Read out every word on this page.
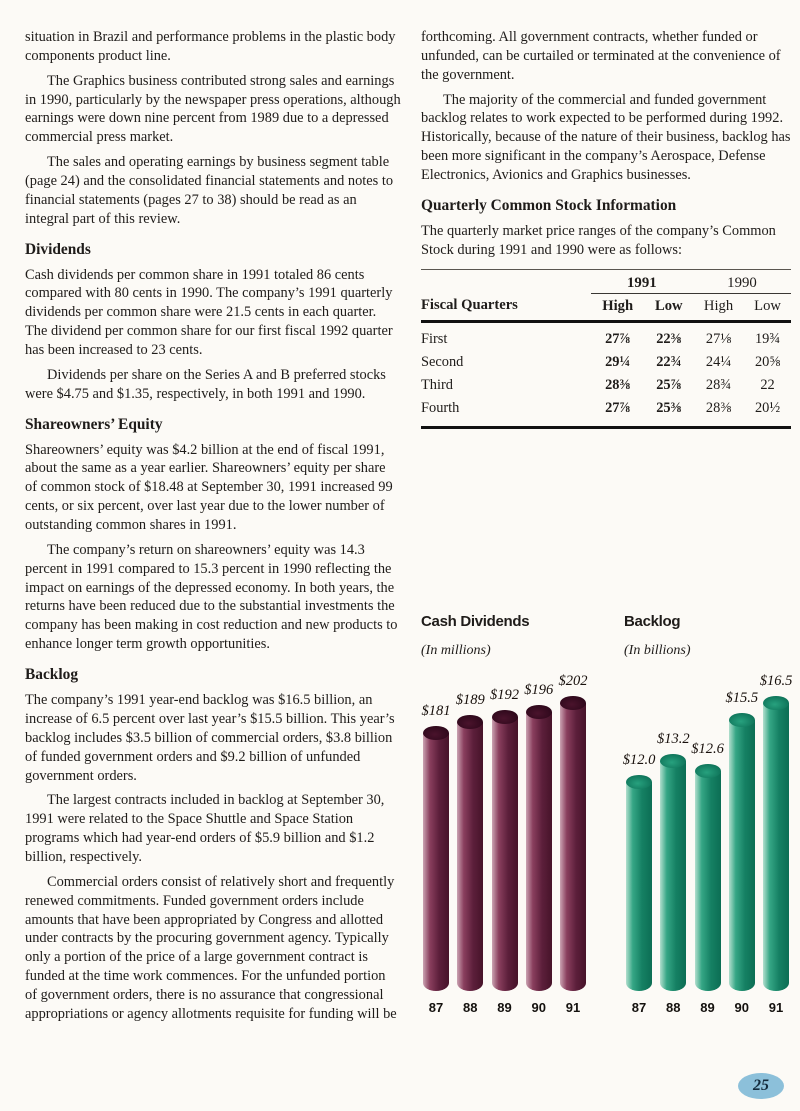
situation in Brazil and performance problems in the plastic body components product line.

The Graphics business contributed strong sales and earnings in 1990, particularly by the newspaper press operations, although earnings were down nine percent from 1989 due to a depressed commercial press market.

The sales and operating earnings by business segment table (page 24) and the consolidated financial statements and notes to financial statements (pages 27 to 38) should be read as an integral part of this review.

Dividends

Cash dividends per common share in 1991 totaled 86 cents compared with 80 cents in 1990. The company’s 1991 quarterly dividends per common share were 21.5 cents in each quarter. The dividend per common share for our first fiscal 1992 quarter has been increased to 23 cents.

Dividends per share on the Series A and B preferred stocks were $4.75 and $1.35, respectively, in both 1991 and 1990.

Shareowners’ Equity

Shareowners’ equity was $4.2 billion at the end of fiscal 1991, about the same as a year earlier. Shareowners’ equity per share of common stock of $18.48 at September 30, 1991 increased 99 cents, or six percent, over last year due to the lower number of outstanding common shares in 1991.

The company’s return on shareowners’ equity was 14.3 percent in 1991 compared to 15.3 percent in 1990 reflecting the impact on earnings of the depressed economy. In both years, the returns have been reduced due to the substantial investments the company has been making in cost reduction and new products to enhance longer term growth opportunities.

Backlog

The company’s 1991 year-end backlog was $16.5 billion, an increase of 6.5 percent over last year’s $15.5 billion. This year’s backlog includes $3.5 billion of commercial orders, $3.8 billion of funded government orders and $9.2 billion of unfunded government orders.

The largest contracts included in backlog at September 30, 1991 were related to the Space Shuttle and Space Station programs which had year-end orders of $5.9 billion and $1.2 billion, respectively.

Commercial orders consist of relatively short and frequently renewed commitments. Funded government orders include amounts that have been appropriated by Congress and allotted under contracts by the procuring government agency. Typically only a portion of the price of a large government contract is funded at the time work commences. For the unfunded portion of government orders, there is no assurance that congressional appropriations or agency allotments requisite for funding will be

forthcoming. All government contracts, whether funded or unfunded, can be curtailed or terminated at the convenience of the government.

The majority of the commercial and funded government backlog relates to work expected to be performed during 1992. Historically, because of the nature of their business, backlog has been more significant in the company’s Aerospace, Defense Electronics, Avionics and Graphics businesses.

Quarterly Common Stock Information

The quarterly market price ranges of the company’s Common Stock during 1991 and 1990 were as follows:

	1991		1990	
Fiscal Quarters	High	Low	High	Low
First	27⅞	22⅜	27⅛	19¾
Second	29¼	22¾	24¼	20⅝
Third	28⅜	25⅞	28¾	22
Fourth	27⅞	25⅜	28⅜	20½
Cash Dividends
(In millions)
$181
$189 $192 $196
$202
87	88	89	90	91
Backlog
(In billions)
$12.0
$13.2
$12.6
$15.5
$16.5
87	88	89	90	91
25
